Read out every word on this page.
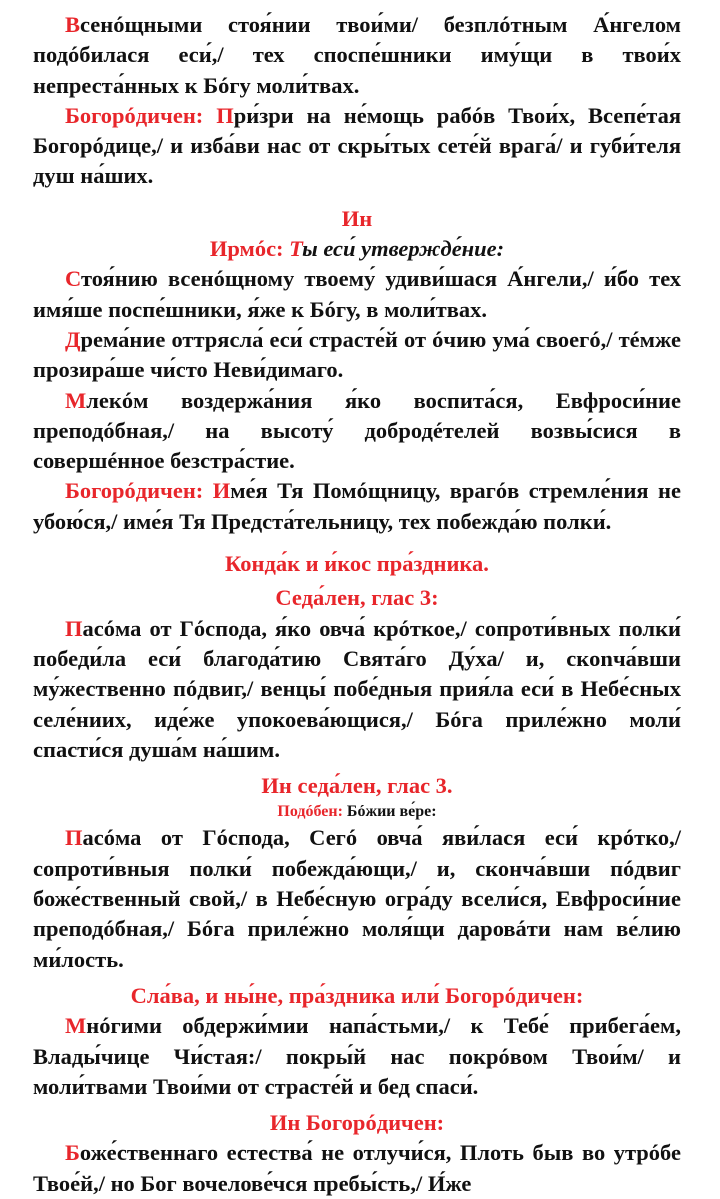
Всенóщными стоя́нии твои́ми/ безплóтным А́нгелом подóбилася еси́,/ тех споспе́шники иму́щи в твои́х непреста́нных к Бóгу моли́твах.

Богорóдичен: При́зри на не́мощь рабóв Твои́х, Всепе́тая Богорóдице,/ и изба́ви нас от скры́тых сете́й врага́/ и губи́теля душ на́ших.

Ин

Ирмóс: Ты еси́ утвержде́ние:

Стоя́нию всенóщному твоему́ удиви́шася А́нгели,/ и́бо тех имя́ше поспе́шники, я́же к Бóгу, в моли́твах.

Дрема́ние оттрясла́ еси́ страсте́й от óчию ума́ своегó,/ тéмже прозира́ше чи́сто Неви́димаго.

Млекóм воздержа́ния я́ко воспита́ся, Евфроси́ние преподóбная,/ на высоту́ добродéтелей возвы́сися в совершéнное безстра́стие.

Богорóдичен: Име́я Тя Помóщницу, врагóв стремле́ния не убою́ся,/ име́я Тя Предста́тельницу, тех побежда́ю полки́.

Конда́к и и́кос пра́здника.

Седа́лен, глас 3:

Пасóма от Гóспода, я́ко овча́ крóткое,/ сопроти́вных полки́ победи́ла еси́ благода́тию Свята́го Ду́ха/ и, скonча́вши му́жественно пóдвиг,/ венцы́ побе́дныя прия́ла еси́ в Небе́сных селе́ниих, иде́же упокоева́ющися,/ Бóга приле́жно моли́ спасти́ся душа́м на́шим.

Ин седа́лен, глас 3.

Подóбен: Бóжии ве́ре:

Пасóма от Гóспода, Сегó овча́ яви́лася еси́ крóтко,/ сопроти́вныя полки́ побежда́ющи,/ и, сконча́вши пóдвиг боже́ственный свой,/ в Небе́сную огра́ду всели́ся, Евфроси́ние преподóбная,/ Бóга приле́жно моля́щи даровáти нам ве́лию ми́лость.

Сла́ва, и ны́не, пра́здника или́ Богорóдичен:

Мнóгими обдержи́мии напа́стьми,/ к Тебе́ прибега́ем, Влады́чице Чи́стая:/ покры́й нас покрóвом Твои́м/ и моли́твами Твои́ми от страсте́й и бед спаси́.

Ин Богорóдичен:

Боже́ственнаго естества́ не отлучи́ся, Плоть быв во утрóбе Твое́й,/ но Бог вочелове́чся пребы́сть,/ И́же
